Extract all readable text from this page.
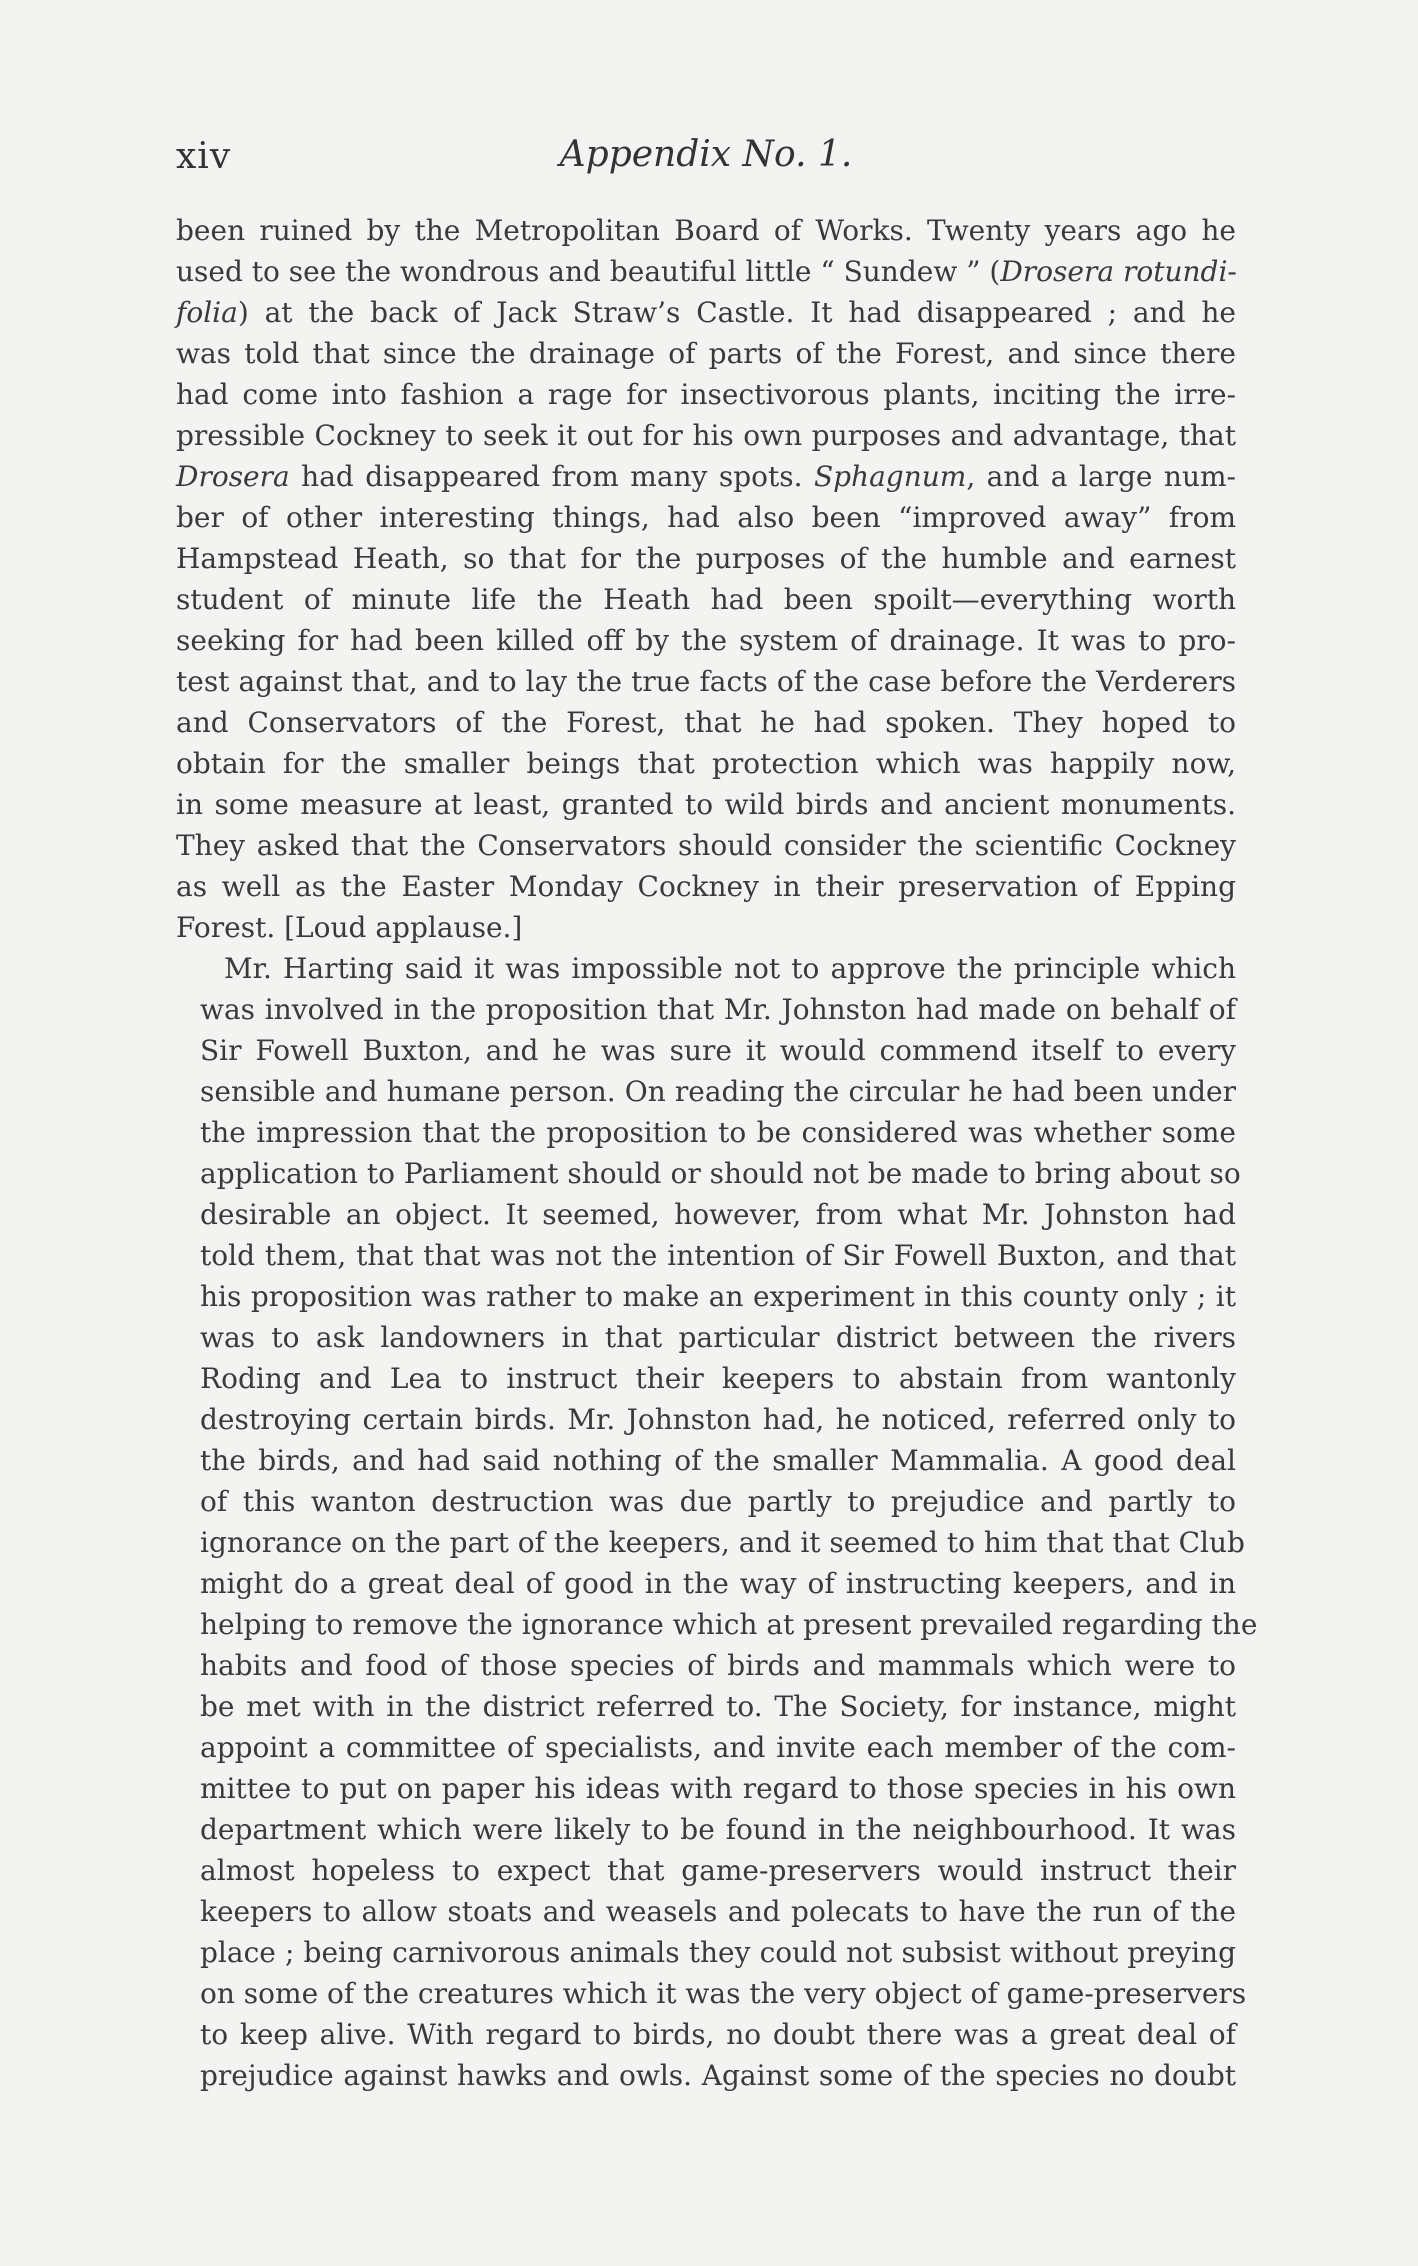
xiv	Appendix No. 1.

been ruined by the Metropolitan Board of Works. Twenty years ago he
used to see the wondrous and beautiful little “ Sundew ” (Drosera rotundi-
folia) at the back of Jack Straw’s Castle. It had disappeared ; and he
was told that since the drainage of parts of the Forest, and since there
had come into fashion a rage for insectivorous plants, inciting the irre-
pressible Cockney to seek it out for his own purposes and advantage, that
Drosera had disappeared from many spots. Sphagnum, and a large num-
ber of other interesting things, had also been “improved away” from
Hampstead Heath, so that for the purposes of the humble and earnest
student of minute life the Heath had been spoilt—everything worth
seeking for had been killed off by the system of drainage. It was to pro-
test against that, and to lay the true facts of the case before the Verderers
and Conservators of the Forest, that he had spoken. They hoped to
obtain for the smaller beings that protection which was happily now,
in some measure at least, granted to wild birds and ancient monuments.
They asked that the Conservators should consider the scientific Cockney
as well as the Easter Monday Cockney in their preservation of Epping
Forest. [Loud applause.]

Mr. Harting said it was impossible not to approve the principle which
was involved in the proposition that Mr. Johnston had made on behalf of
Sir Fowell Buxton, and he was sure it would commend itself to every
sensible and humane person. On reading the circular he had been under
the impression that the proposition to be considered was whether some
application to Parliament should or should not be made to bring about so
desirable an object. It seemed, however, from what Mr. Johnston had
told them, that that was not the intention of Sir Fowell Buxton, and that
his proposition was rather to make an experiment in this county only ; it
was to ask landowners in that particular district between the rivers
Roding and Lea to instruct their keepers to abstain from wantonly
destroying certain birds. Mr. Johnston had, he noticed, referred only to
the birds, and had said nothing of the smaller Mammalia. A good deal
of this wanton destruction was due partly to prejudice and partly to
ignorance on the part of the keepers, and it seemed to him that that Club
might do a great deal of good in the way of instructing keepers, and in
helping to remove the ignorance which at present prevailed regarding the
habits and food of those species of birds and mammals which were to
be met with in the district referred to. The Society, for instance, might
appoint a committee of specialists, and invite each member of the com-
mittee to put on paper his ideas with regard to those species in his own
department which were likely to be found in the neighbourhood. It was
almost hopeless to expect that game-preservers would instruct their
keepers to allow stoats and weasels and polecats to have the run of the
place ; being carnivorous animals they could not subsist without preying
on some of the creatures which it was the very object of game-preservers
to keep alive. With regard to birds, no doubt there was a great deal of
prejudice against hawks and owls. Against some of the species no doubt
